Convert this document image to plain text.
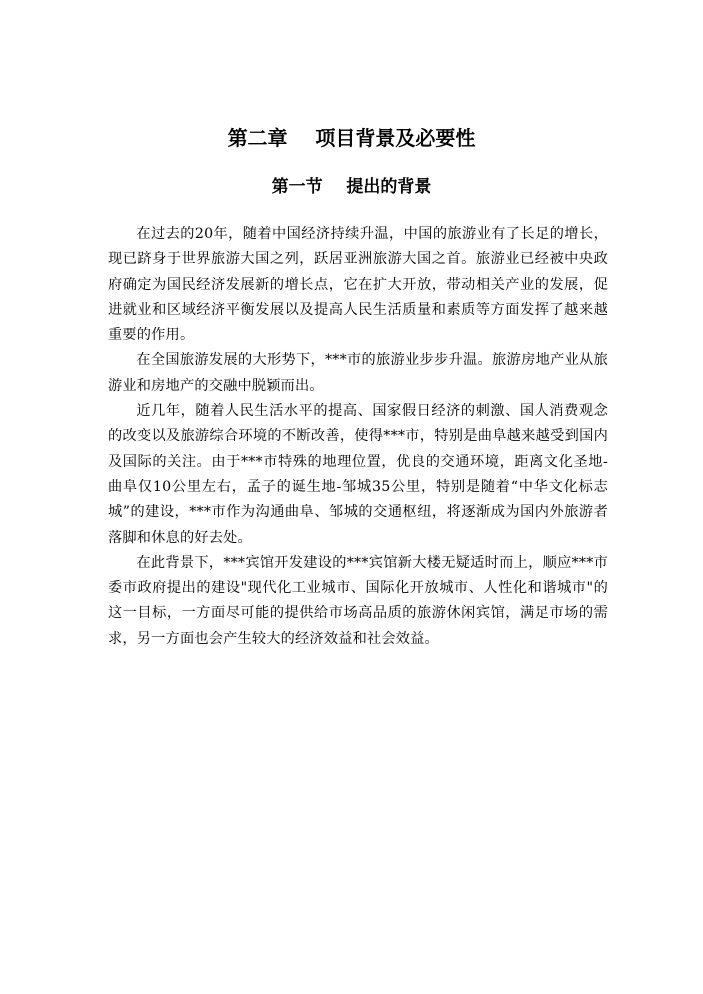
第二章    项目背景及必要性
第一节    提出的背景

在过去的20年，随着中国经济持续升温，中国的旅游业有了长足的增长，现已跻身于世界旅游大国之列，跃居亚洲旅游大国之首。旅游业已经被中央政府确定为国民经济发展新的增长点，它在扩大开放，带动相关产业的发展，促进就业和区域经济平衡发展以及提高人民生活质量和素质等方面发挥了越来越重要的作用。

在全国旅游发展的大形势下，***市的旅游业步步升温。旅游房地产业从旅游业和房地产的交融中脱颖而出。

近几年，随着人民生活水平的提高、国家假日经济的刺激、国人消费观念的改变以及旅游综合环境的不断改善，使得***市，特别是曲阜越来越受到国内及国际的关注。由于***市特殊的地理位置，优良的交通环境，距离文化圣地-曲阜仅10公里左右，孟子的诞生地-邹城35公里，特别是随着“中华文化标志城”的建设，***市作为沟通曲阜、邹城的交通枢纽，将逐渐成为国内外旅游者落脚和休息的好去处。

在此背景下，***宾馆开发建设的***宾馆新大楼无疑适时而上，顺应***市委市政府提出的建设"现代化工业城市、国际化开放城市、人性化和谐城市"的这一目标，一方面尽可能的提供给市场高品质的旅游休闲宾馆，满足市场的需求，另一方面也会产生较大的经济效益和社会效益。
